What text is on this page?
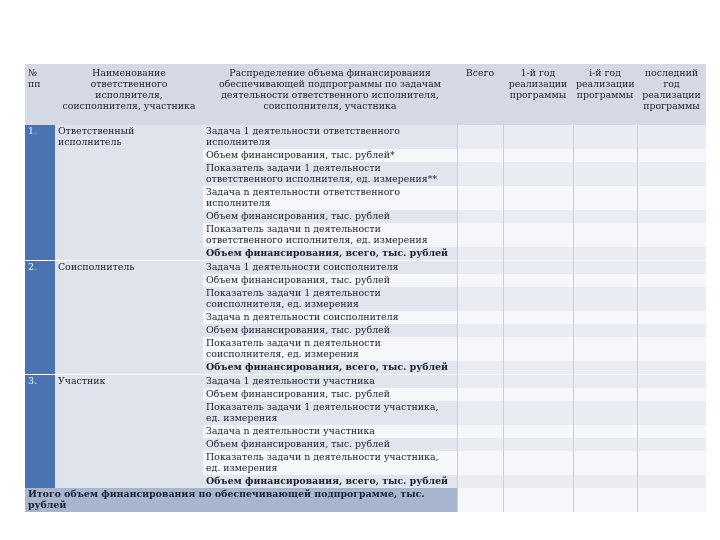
№ пп	Наименование ответственного исполнителя, соисполнителя, участника	Распределение объема финансирования обеспечивающей подпрограммы по задачам деятельности ответственного исполнителя, соисполнителя, участника	Всего	1-й год реализации программы	i-й год реализации программы	последний год реализации программы
1.	Ответственный исполнитель	Задача 1 деятельности ответственного исполнителя				
		Объем финансирования, тыс. рублей*				
		Показатель задачи 1 деятельности ответственного исполнителя, ед. измерения**				
		Задача n деятельности ответственного исполнителя				
		Объем финансирования, тыс. рублей				
		Показатель задачи n деятельности ответственного исполнителя, ед. измерения				
		Объем финансирования, всего, тыс. рублей				
2.	Соисполнитель	Задача 1 деятельности соисполнителя				
		Объем финансирования, тыс. рублей				
		Показатель задачи 1 деятельности соисполнителя, ед. измерения				
		Задача n деятельности соисполнителя				
		Объем финансирования, тыс. рублей				
		Показатель задачи n деятельности соисполнителя, ед. измерения				
		Объем финансирования, всего, тыс. рублей				
3.	Участник	Задача 1 деятельности участника				
		Объем финансирования, тыс. рублей				
		Показатель задачи 1 деятельности участника, ед. измерения				
		Задача n деятельности участника				
		Объем финансирования, тыс. рублей				
		Показатель задачи n деятельности участника, ед. измерения				
		Объем финансирования, всего, тыс. рублей				
Итого объем финансирования по обеспечивающей подпрограмме, тыс. рублей						
